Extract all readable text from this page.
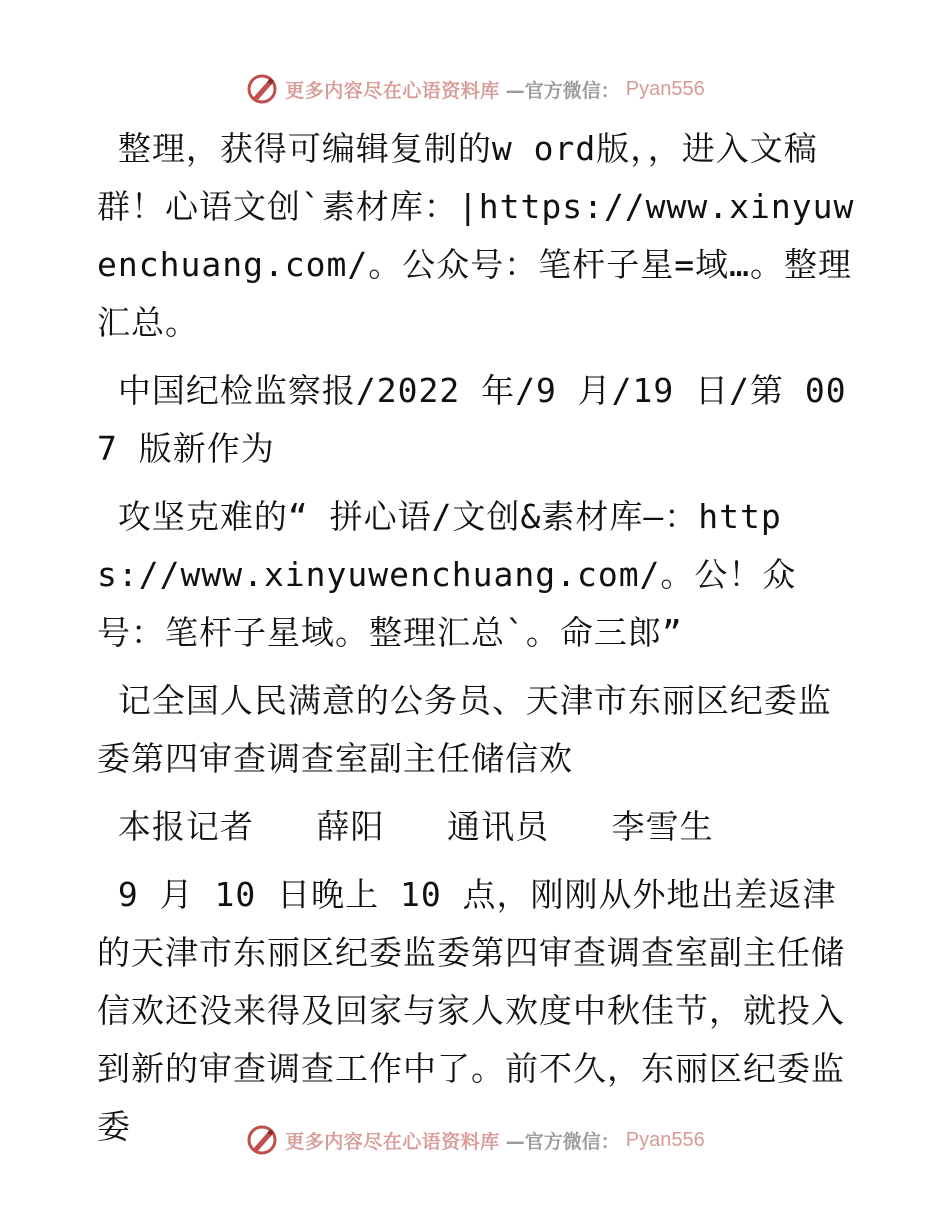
更多内容尽在心语资料库 —官方微信： Pyan556

整理，获得可编辑复制的w ord版，，进入文稿群！心语文创`素材库：|https://www.xinyuwenchuang.com/。公众号：笔杆子星=域…。整理汇总。

中国纪检监察报/2022 年/9 月/19 日/第 007 版新作为

攻坚克难的“ 拼心语/文创&素材库—：https://www.xinyuwenchuang.com/。公！众号：笔杆子星域。整理汇总`。命三郎”

记全国人民满意的公务员、天津市东丽区纪委监委第四审查调查室副主任储信欢

本报记者   薛阳   通讯员   李雪生

9 月 10 日晚上 10 点，刚刚从外地出差返津的天津市东丽区纪委监委第四审查调查室副主任储信欢还没来得及回家与家人欢度中秋佳节，就投入到新的审查调查工作中了。前不久，东丽区纪委监委	更多内容尽在心语资料库 —官方微信： Pyan556
